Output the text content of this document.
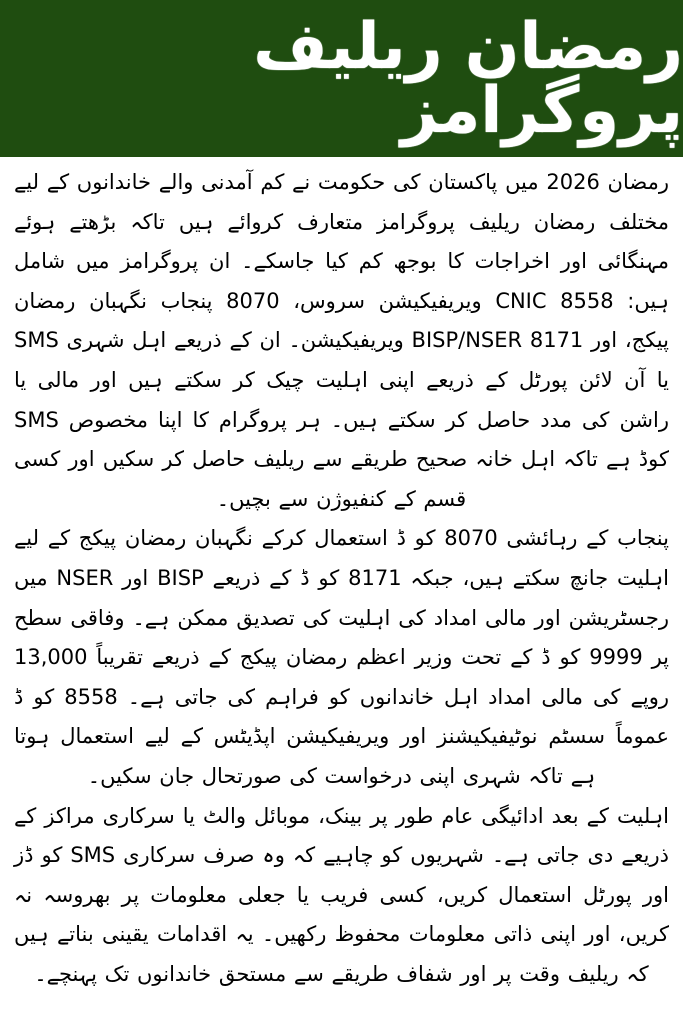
رمضان ریلیف پروگرامز

رمضان 2026 میں پاکستان کی حکومت نے کم آمدنی والے خاندانوں کے لیے مختلف رمضان ریلیف پروگرامز متعارف کروائے ہیں تاکہ بڑھتے ہوئے مہنگائی اور اخراجات کا بوجھ کم کیا جاسکے۔ ان پروگرامز میں شامل ہیں: CNIC 8558 ویریفیکیشن سروس، 8070 پنجاب نگہبان رمضان پیکج، اور BISP/NSER 8171 ویریفیکیشن۔ ان کے ذریعے اہل شہری SMS یا آن لائن پورٹل کے ذریعے اپنی اہلیت چیک کر سکتے ہیں اور مالی یا راشن کی مدد حاصل کر سکتے ہیں۔ ہر پروگرام کا اپنا مخصوص SMS کوڈ ہے تاکہ اہل خانہ صحیح طریقے سے ریلیف حاصل کر سکیں اور کسی قسم کے کنفیوژن سے بچیں۔

پنجاب کے رہائشی 8070 کو ڈ استعمال کرکے نگہبان رمضان پیکج کے لیے اہلیت جانچ سکتے ہیں، جبکہ 8171 کو ڈ کے ذریعے BISP اور NSER میں رجسٹریشن اور مالی امداد کی اہلیت کی تصدیق ممکن ہے۔ وفاقی سطح پر 9999 کو ڈ کے تحت وزیر اعظم رمضان پیکج کے ذریعے تقریباً 13,000 روپے کی مالی امداد اہل خاندانوں کو فراہم کی جاتی ہے۔ 8558 کو ڈ عموماً سسٹم نوٹیفیکیشنز اور ویریفیکیشن اپڈیٹس کے لیے استعمال ہوتا ہے تاکہ شہری اپنی درخواست کی صورتحال جان سکیں۔

اہلیت کے بعد ادائیگی عام طور پر بینک، موبائل والٹ یا سرکاری مراکز کے ذریعے دی جاتی ہے۔ شہریوں کو چاہیے کہ وہ صرف سرکاری SMS کو ڈز اور پورٹل استعمال کریں، کسی فریب یا جعلی معلومات پر بھروسہ نہ کریں، اور اپنی ذاتی معلومات محفوظ رکھیں۔ یہ اقدامات یقینی بناتے ہیں کہ ریلیف وقت پر اور شفاف طریقے سے مستحق خاندانوں تک پہنچے۔
